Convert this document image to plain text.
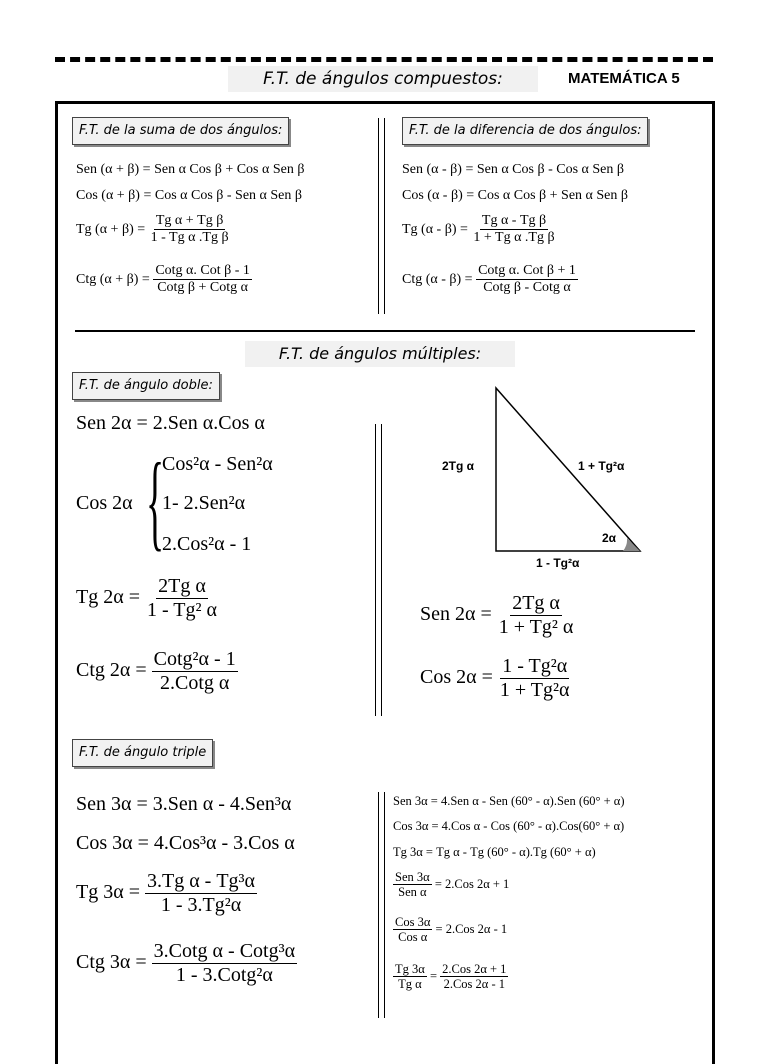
F.T. de ángulos compuestos:	MATEMÁTICA 5
F.T. de la suma de dos ángulos:	F.T. de la diferencia de dos ángulos:
Sen (α + β) = Sen α Cos β + Cos α Sen β
Cos (α + β) = Cos α Cos β - Sen α Sen β
Tg $(\alpha + \beta) = \frac{\text{Tg α + Tg β}}{\text{1 - Tg α .Tg β}}$
Ctg $(\alpha + \beta) = \frac{\text{Cotg α. Cot β - 1}}{\text{Cotg β + Cotg α}}$
Sen (α - β) = Sen α Cos β - Cos α Sen β
Cos (α - β) = Cos α Cos β + Sen α Sen β
Tg $(\alpha - \beta) = \frac{\text{Tg α - Tg β}}{\text{1 + Tg α .Tg β}}$
Ctg $(\alpha - \beta) = \frac{\text{Cotg α. Cot β + 1}}{\text{Cotg β - Cotg α}}$
F.T. de ángulos múltiples:
F.T. de ángulo doble:
Sen 2α = 2.Sen α.Cos α
Cos 2α {
Cos²α - Sen²α
1- 2.Sen²α
2.Cos²α - 1
Tg $2\alpha = \frac{\text{2Tg α}}{\text{1 - Tg² α}}$
Ctg $2\alpha = \frac{\text{Cotg²α - 1}}{\text{2.Cotg α}}$
2Tg α	1 + Tg²α
2α
1 - Tg²α
Sen $2\alpha = \frac{\text{2Tg α}}{\text{1 + Tg² α}}$
Cos $2\alpha = \frac{\text{1 - Tg²α}}{\text{1 + Tg²α}}$
F.T. de ángulo triple
Sen 3α = 3.Sen α - 4.Sen³α
Cos 3α = 4.Cos³α - 3.Cos α
Tg $3\alpha = \frac{\text{3.Tg α - Tg³α}}{\text{1 - 3.Tg²α}}$
Ctg $3\alpha = \frac{\text{3.Cotg α - Cotg³α}}{\text{1 - 3.Cotg²α}}$
Sen 3α = 4.Sen α - Sen (60° - α).Sen (60° + α)
Cos 3α = 4.Cos α - Cos (60° - α).Cos(60° + α)
Tg 3α = Tg α - Tg (60° - α).Tg (60° + α)
$\frac{\text{Sen 3α}}{\text{Sen α}} = 2.Cos$ 2α + 1
$\frac{\text{Cos 3α}}{\text{Cos α}} = 2.Cos$ 2α - 1
$\frac{Tg 3\alpha}{\text{Tg α}} = \frac{\text{2.Cos 2α + 1}}{\text{2.Cos 2α - 1}}$
